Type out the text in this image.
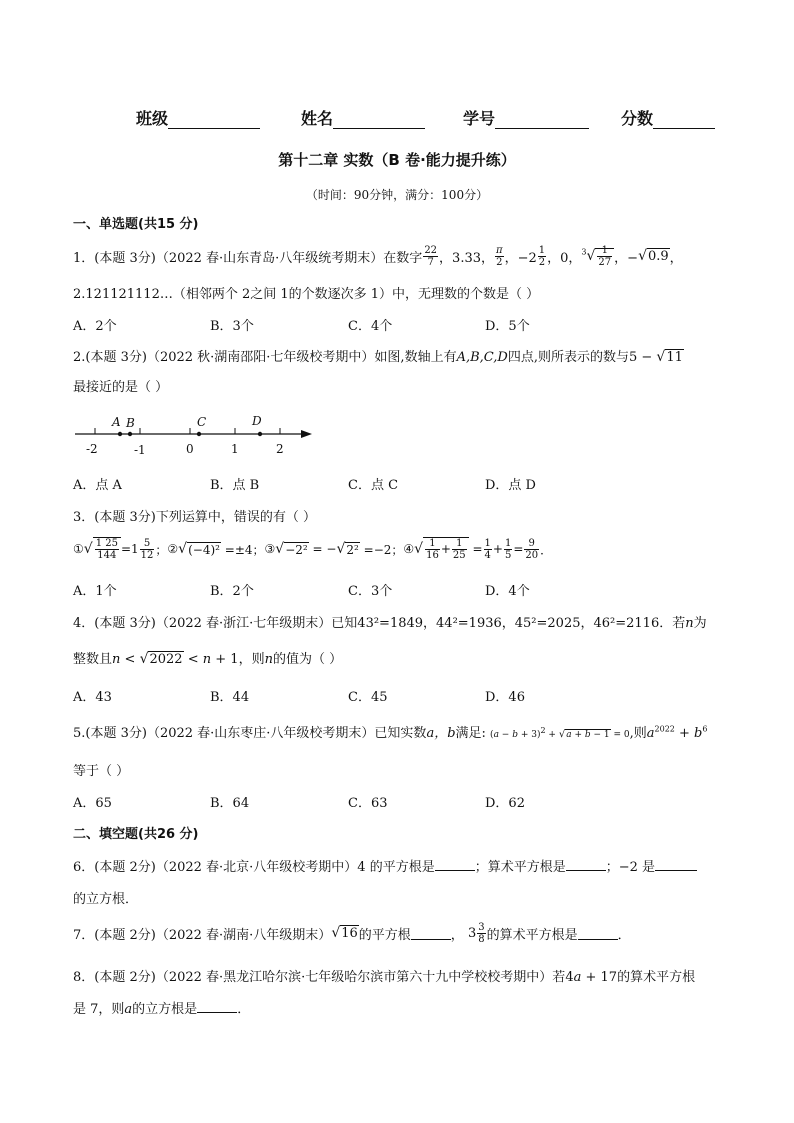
班级	姓名	学号	分数
第十二章 实数（B 卷·能力提升练）
（时间：90分钟，满分：100分）
一、单选题(共15 分)
1．(本题 3分)（2022 春·山东青岛·八年级统考期末）在数字 $\frac{22}{7}$ ，3.33， $\frac{\pi}{2}$ ，$-2 \frac{1}{2}$ ，0， $^3√ \frac{1}{27}$ ，− √0.9 ，
2.121121112…（相邻两个 2之间 1的个数逐次多 1）中，无理数的个数是（ ）
A．2个	B．3个	C．4个	D．5个
2.(本题 3分)（2022 秋·湖南邵阳·七年级校考期中）如图,数轴上有A,B,C,D四点,则所表示的数与5 − √11
最接近的是（ ）
-2	-1	0	1	2
A B	C	D
A．点 A	B．点 B	C．点 C	D．点 D
3．(本题 3分)下列运算中，错误的有（ ）
① √ $\frac{1 25}{144} =1 \frac{5}{12}$ ； ② √ (−4)² =±4； ③ √ −2² = − √ 2² =−2； ④ √ $\frac{1}{16} + \frac{1}{25} = \frac{1}{4} + \frac{1}{5} = \frac{9}{20}$ ．
A．1个	B．2个	C．3个	D．4个
4．(本题 3分)（2022 春·浙江·七年级期末）已知43²=1849，44²=1936，45²=2025，46²=2116．若n为
整数且n < √2022 < n + 1，则n的值为（ ）
A．43	B．44	C．45	D．46
5.(本题 3分)（2022 春·山东枣庄·八年级校考期末）已知实数a，b满足: $(a - b + 3)^2 + √a + b - 1 = 0$,则$a^{2022} + b^6$
等于（ ）
A．65	B．64	C．63	D．62
二、填空题(共26 分)
6．(本题 2分)（2022 春·北京·八年级校考期中）4 的平方根是	；算术平方根是	；−2 是
的立方根．
7．(本题 2分)（2022 春·湖南·八年级期末） √ 16 的平方根	， $3 \frac{3}{8}$ 的算术平方根是	．
8．(本题 2分)（2022 春·黑龙江哈尔滨·七年级哈尔滨市第六十九中学校校考期中）若4a + 17的算术平方根
是 7，则a的立方根是	．
